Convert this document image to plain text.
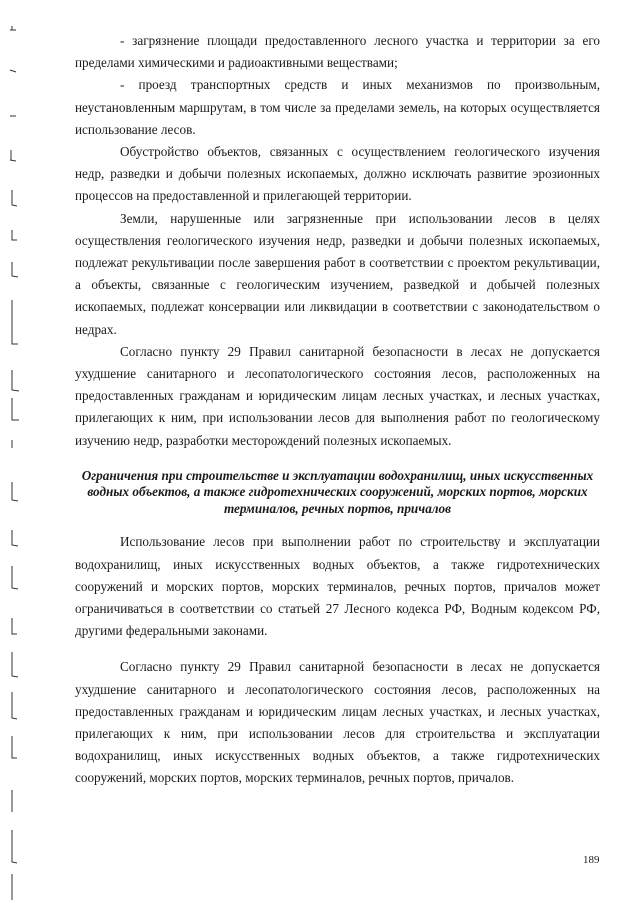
- загрязнение площади предоставленного лесного участка и территории за его пределами химическими и радиоактивными веществами;

- проезд транспортных средств и иных механизмов по произвольным, неустановленным маршрутам, в том числе за пределами земель, на которых осуществляется использование лесов.

Обустройство объектов, связанных с осуществлением геологического изучения недр, разведки и добычи полезных ископаемых, должно исключать развитие эрозионных процессов на предоставленной и прилегающей территории.

Земли, нарушенные или загрязненные при использовании лесов в целях осуществления геологического изучения недр, разведки и добычи полезных ископаемых, подлежат рекультивации после завершения работ в соответствии с проектом рекультивации, а объекты, связанные с геологическим изучением, разведкой и добычей полезных ископаемых, подлежат консервации или ликвидации в соответствии с законодательством о недрах.

Согласно пункту 29 Правил санитарной безопасности в лесах не допускается ухудшение санитарного и лесопатологического состояния лесов, расположенных на предоставленных гражданам и юридическим лицам лесных участках, и лесных участках, прилегающих к ним, при использовании лесов для выполнения работ по геологическому изучению недр, разработки месторождений полезных ископаемых.

Ограничения при строительстве и эксплуатации водохранилищ, иных искусственных водных объектов, а также гидротехнических сооружений, морских портов, морских терминалов, речных портов, причалов

Использование лесов при выполнении работ по строительству и эксплуатации водохранилищ, иных искусственных водных объектов, а также гидротехнических сооружений и морских портов, морских терминалов, речных портов, причалов может ограничиваться в соответствии со статьей 27 Лесного кодекса РФ, Водным кодексом РФ, другими федеральными законами.

Согласно пункту 29 Правил санитарной безопасности в лесах не допускается ухудшение санитарного и лесопатологического состояния лесов, расположенных на предоставленных гражданам и юридическим лицам лесных участках, и лесных участках, прилегающих к ним, при использовании лесов для строительства и эксплуатации водохранилищ, иных искусственных водных объектов, а также гидротехнических сооружений, морских портов, морских терминалов, речных портов, причалов.

189
